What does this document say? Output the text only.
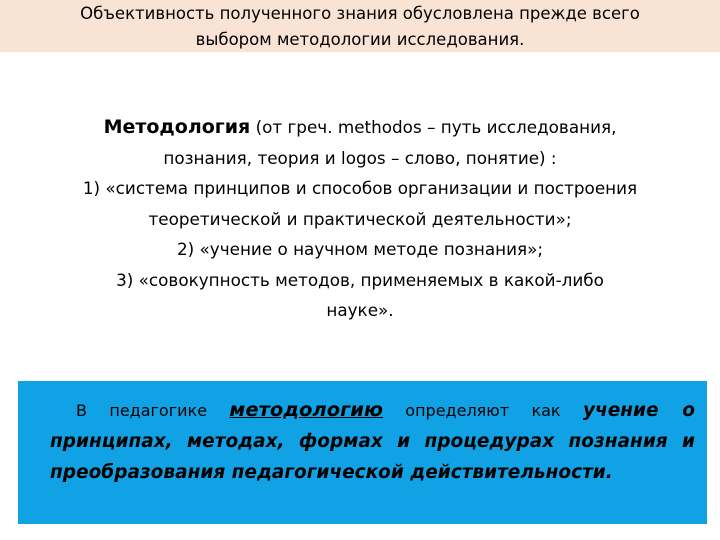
Объективность полученного знания обусловлена прежде всего
выбором методологии исследования.
Методология (от греч. methodos – путь исследования,
познания, теория и logos – слово, понятие) :
1) «система принципов и способов организации и построения
теоретической и практической деятельности»;
2) «учение о научном методе познания»;
3) «совокупность методов, применяемых в какой-либо
науке».
В педагогике методологию определяют как учение о принципах, методах, формах и процедурах познания и преобразования педагогической действительности.
